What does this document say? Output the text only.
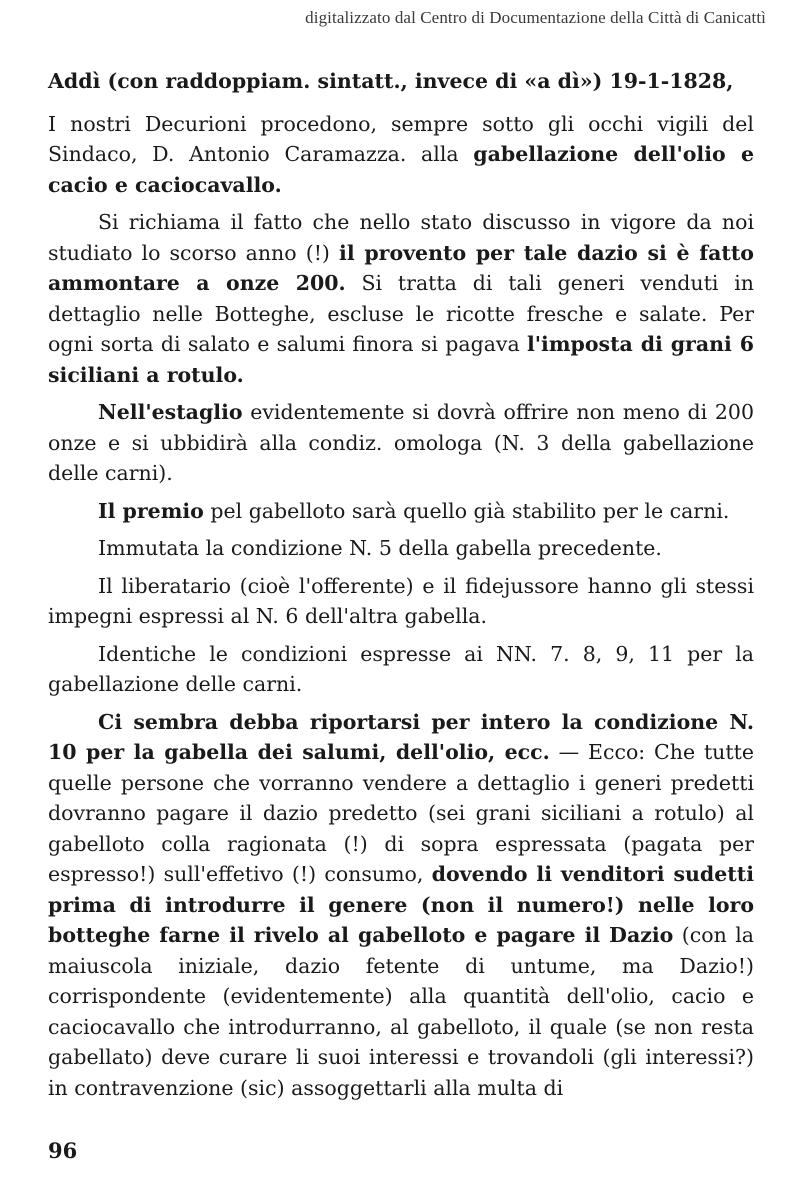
digitalizzato dal Centro di Documentazione della Città di Canicattì

Addì (con raddoppiam. sintatt., invece di «a dì») 19-1-1828,

I nostri Decurioni procedono, sempre sotto gli occhi vigili del Sindaco, D. Antonio Caramazza. alla gabellazione dell'olio e cacio e caciocavallo.

Si richiama il fatto che nello stato discusso in vigore da noi studiato lo scorso anno (!) il provento per tale dazio si è fatto ammontare a onze 200. Si tratta di tali generi venduti in dettaglio nelle Botteghe, escluse le ricotte fresche e salate. Per ogni sorta di salato e salumi finora si pagava l'imposta di grani 6 siciliani a rotulo.

Nell'estaglio evidentemente si dovrà offrire non meno di 200 onze e si ubbidirà alla condiz. omologa (N. 3 della gabellazione delle carni).

Il premio pel gabelloto sarà quello già stabilito per le carni.

Immutata la condizione N. 5 della gabella precedente.

Il liberatario (cioè l'offerente) e il fidejussore hanno gli stessi impegni espressi al N. 6 dell'altra gabella.

Identiche le condizioni espresse ai NN. 7. 8, 9, 11 per la gabellazione delle carni.

Ci sembra debba riportarsi per intero la condizione N. 10 per la gabella dei salumi, dell'olio, ecc. — Ecco: Che tutte quelle persone che vorranno vendere a dettaglio i generi predetti dovranno pagare il dazio predetto (sei grani siciliani a rotulo) al gabelloto colla ragionata (!) di sopra espressata (pagata per espresso!) sull'effetivo (!) consumo, dovendo li venditori sudetti prima di introdurre il genere (non il numero!) nelle loro botteghe farne il rivelo al gabelloto e pagare il Dazio (con la maiuscola iniziale, dazio fetente di untume, ma Dazio!) corrispondente (evidentemente) alla quantità dell'olio, cacio e caciocavallo che introdurranno, al gabelloto, il quale (se non resta gabellato) deve curare li suoi interessi e trovandoli (gli interessi?) in contravenzione (sic) assoggettarli alla multa di

96
